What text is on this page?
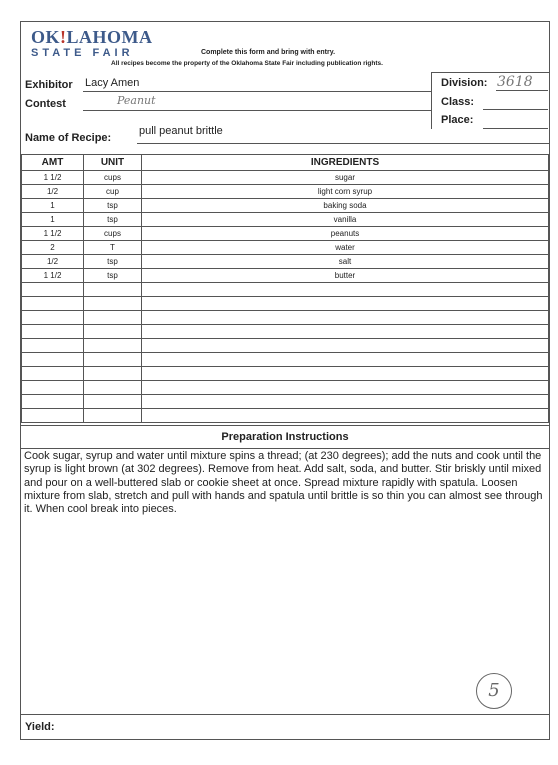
OK!LAHOMA
STATE FAIR	Complete this form and bring with entry.
All recipes become the property of the Oklahoma State Fair including publication rights.
Division: 3618
Class:
Place:
Exhibitor Lacy Amen
Contest	Peanut
Name of Recipe:
pull peanut brittle
AMT	UNIT	INGREDIENTS
1 1/2	cups	sugar
1/2	cup	light corn syrup
1	tsp	baking soda
1	tsp	vanilla
1 1/2	cups	peanuts
2	T	water
1/2	tsp	salt
1 1/2	tsp	butter

Preparation Instructions
Cook sugar, syrup and water until mixture spins a thread; (at 230 degrees); add the nuts and cook until the syrup is light brown (at 302 degrees). Remove from heat. Add salt, soda, and butter. Stir briskly until mixed and pour on a well-buttered slab or cookie sheet at once. Spread mixture rapidly with spatula. Loosen mixture from slab, stretch and pull with hands and spatula until brittle is so thin you can almost see through it. When cool break into pieces.
5
Yield:
